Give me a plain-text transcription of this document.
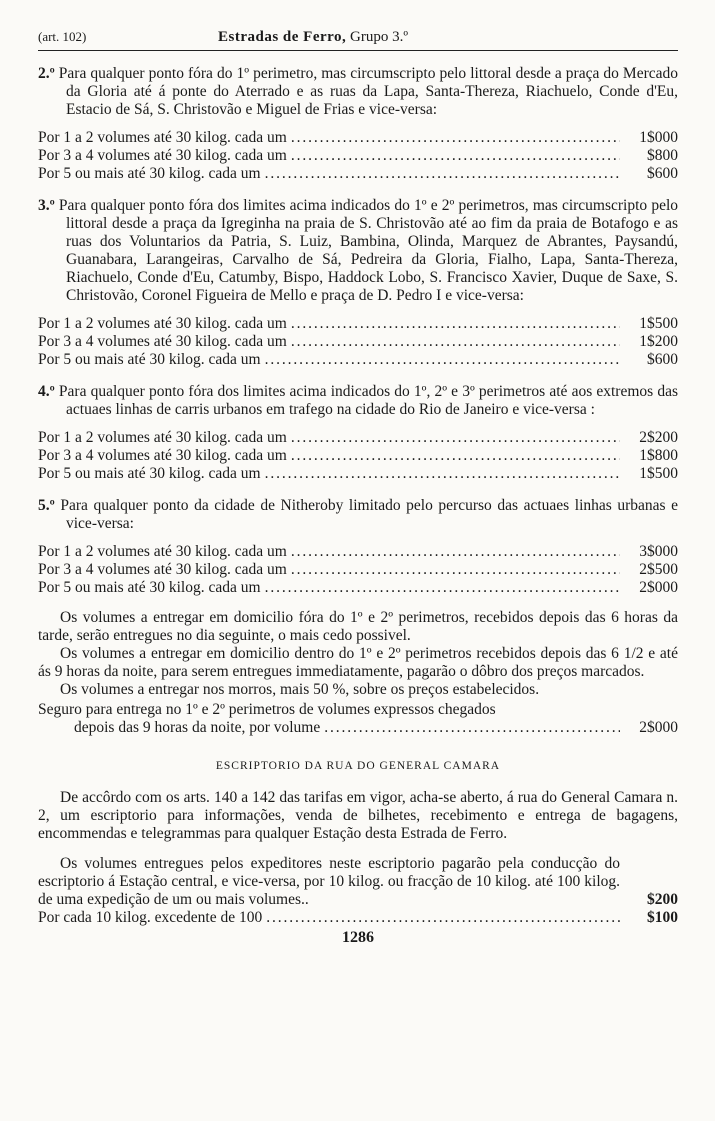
(art. 102)	Estradas de Ferro,
Grupo 3.º
2.º Para qualquer ponto fóra do 1º perimetro, mas circumscripto pelo littoral desde a praça do Mercado da Gloria até á ponte do Aterrado e as ruas da Lapa, Santa-Thereza, Riachuelo, Conde d'Eu, Estacio de Sá, S. Christovão e Miguel de Frias e vice-versa:
Por 1 a 2 volumes até 30 kilog. cada um . . .	1$000
Por 3 a 4 volumes até 30 kilog. cada um . . .	$800
Por 5 ou mais até 30 kilog. cada um . . .	$600
3.º Para qualquer ponto fóra dos limites acima indicados do 1º e 2º perimetros, mas circumscripto pelo littoral desde a praça da Igreginha na praia de S. Christovão até ao fim da praia de Botafogo e as ruas dos Voluntarios da Patria, S. Luiz, Bambina, Olinda, Marquez de Abrantes, Paysandú, Guanabara, Larangeiras, Carvalho de Sá, Pedreira da Gloria, Fialho, Lapa, Santa-Thereza, Riachuelo, Conde d'Eu, Catumby, Bispo, Haddock Lobo, S. Francisco Xavier, Duque de Saxe, S. Christovão, Coronel Figueira de Mello e praça de D. Pedro I e vice-versa:
Por 1 a 2 volumes até 30 kilog. cada um . . .	1$500
Por 3 a 4 volumes até 30 kilog. cada um . . .	1$200
Por 5 ou mais até 30 kilog. cada um . . .	$600
4.º Para qualquer ponto fóra dos limites acima indicados do 1º, 2º e 3º perimetros até aos extremos das actuaes linhas de carris urbanos em trafego na cidade do Rio de Janeiro e vice-versa :
Por 1 a 2 volumes até 30 kilog. cada um . . .	2$200
Por 3 a 4 volumes até 30 kilog. cada um . . .	1$800
Por 5 ou mais até 30 kilog. cada um . . .	1$500
5.º Para qualquer ponto da cidade de Nitheroby limitado pelo percurso das actuaes linhas urbanas e vice-versa:
Por 1 a 2 volumes até 30 kilog. cada um . . .	3$000
Por 3 a 4 volumes até 30 kilog. cada um . . .	2$500
Por 5 ou mais até 30 kilog. cada um . . .	2$000
Os volumes a entregar em domicilio fóra do 1º e 2º perimetros, recebidos depois das 6 horas da tarde, serão entregues no dia seguinte, o mais cedo possivel.
Os volumes a entregar em domicilio dentro do 1º e 2º perimetros recebidos depois das 6 1/2 e até ás 9 horas da noite, para serem entregues immediatamente, pagarão o dôbro dos preços marcados.
Os volumes a entregar nos morros, mais 50 %, sobre os preços estabelecidos.
Seguro para entrega no 1º e 2º perimetros de volumes expressos chegados
depois das 9 horas da noite, por volume . . .	2$000
ESCRIPTORIO DA RUA DO GENERAL CAMARA

De accôrdo com os arts. 140 a 142 das tarifas em vigor, acha-se aberto, á rua do General Camara n. 2, um escriptorio para informações, venda de bilhetes, recebimento e entrega de bagagens, encommendas e telegrammas para qualquer Estação desta Estrada de Ferro.

Os volumes entregues pelos expeditores neste escriptorio pagarão pela conducção do escriptorio á Estação central, e vice-versa, por 10 kilog. ou fracção de 10 kilog. até 100 kilog. de uma expedição de um ou mais volumes..	$200
Por cada 10 kilog. excedente de 100 . . .	$100
1286
